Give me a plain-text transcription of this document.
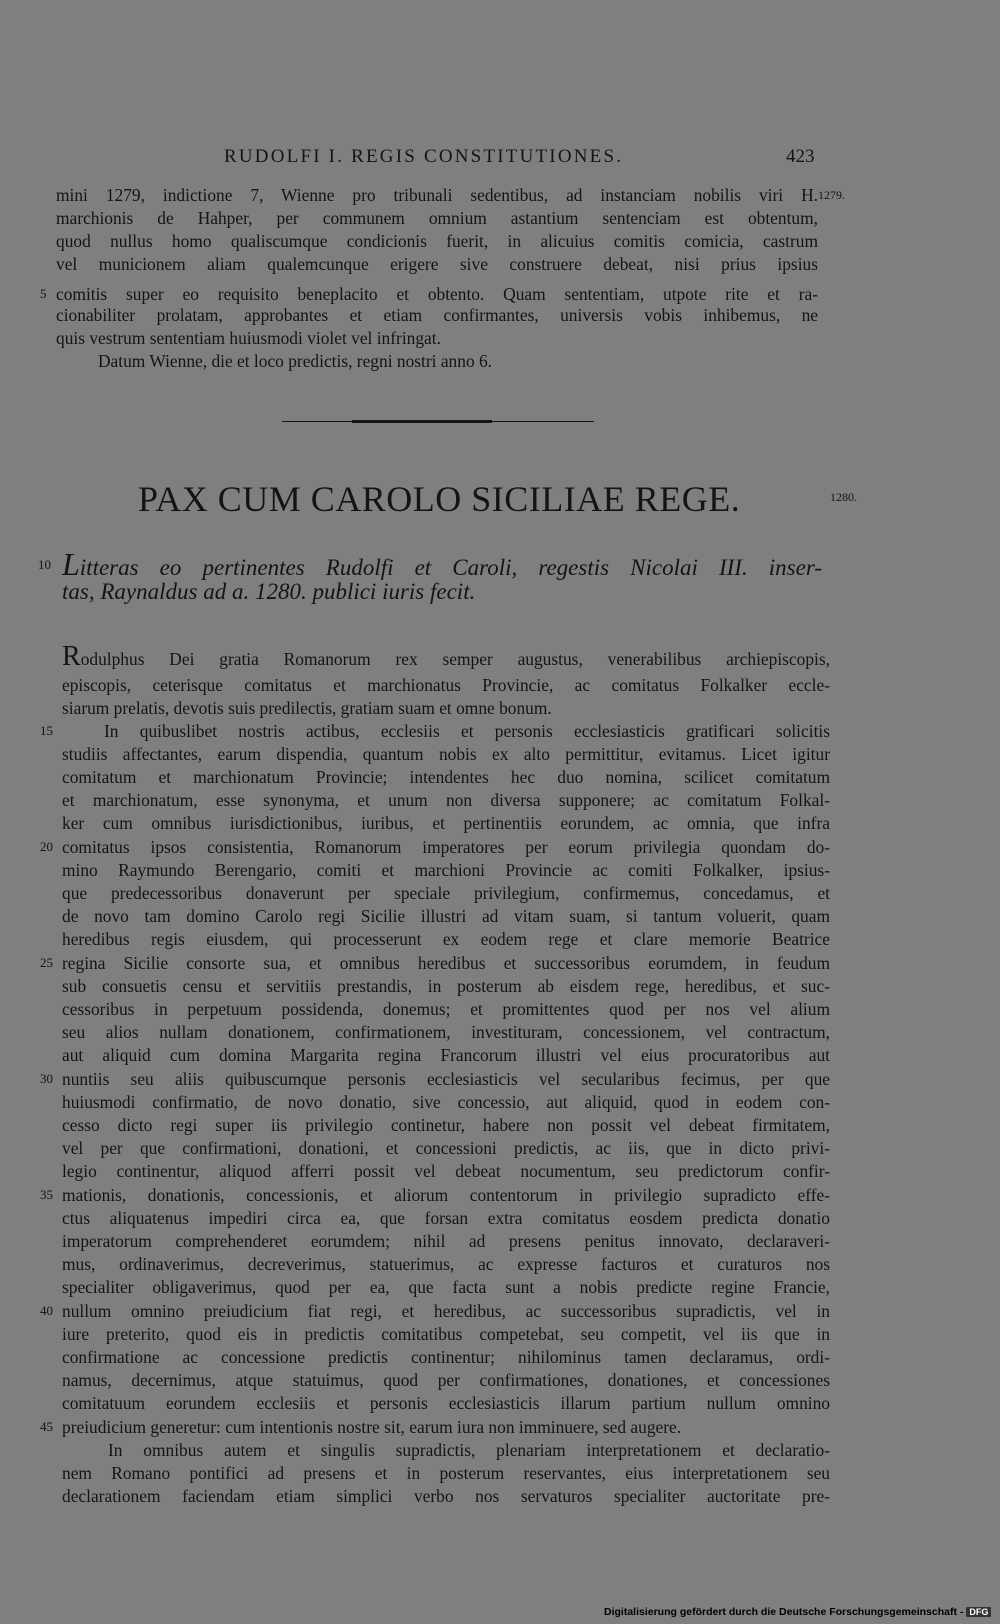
RUDOLFI I. REGIS CONSTITUTIONES.	423
1279.
5
mini 1279, indictione 7, Wienne pro tribunali sedentibus, ad instanciam nobilis viri H.
marchionis de Hahper, per communem omnium astantium sentenciam est obtentum,
quod nullus homo qualiscumque condicionis fuerit, in alicuius comitis comicia, castrum
vel municionem aliam qualemcunque erigere sive construere debeat, nisi prius ipsius
comitis super eo requisito beneplacito et obtento. Quam sententiam, utpote rite et ra-
cionabiliter prolatam, approbantes et etiam confirmantes, universis vobis inhibemus, ne
quis vestrum sententiam huiusmodi violet vel infringat.
Datum Wienne, die et loco predictis, regni nostri anno 6.
PAX CUM CAROLO SICILIAE REGE.	1280.
10 Litteras eo pertinentes Rudolfi et Caroli, regestis Nicolai III. inser-
tas, Raynaldus ad a. 1280. publici iuris fecit.
Rodulphus Dei gratia Romanorum rex semper augustus, venerabilibus archiepiscopis,
15
20
25
30
35
40
45
episcopis, ceterisque comitatus et marchionatus Provincie, ac comitatus Folkalker eccle-
siarum prelatis, devotis suis predilectis, gratiam suam et omne bonum.
In quibuslibet nostris actibus, ecclesiis et personis ecclesiasticis gratificari solicitis
studiis affectantes, earum dispendia, quantum nobis ex alto permittitur, evitamus. Licet igitur
comitatum et marchionatum Provincie; intendentes hec duo nomina, scilicet comitatum
et marchionatum, esse synonyma, et unum non diversa supponere; ac comitatum Folkal-
ker cum omnibus iurisdictionibus, iuribus, et pertinentiis eorundem, ac omnia, que infra
comitatus ipsos consistentia, Romanorum imperatores per eorum privilegia quondam do-
mino Raymundo Berengario, comiti et marchioni Provincie ac comiti Folkalker, ipsius-
que predecessoribus donaverunt per speciale privilegium, confirmemus, concedamus, et
de novo tam domino Carolo regi Sicilie illustri ad vitam suam, si tantum voluerit, quam
heredibus regis eiusdem, qui processerunt ex eodem rege et clare memorie Beatrice
regina Sicilie consorte sua, et omnibus heredibus et successoribus eorumdem, in feudum
sub consuetis censu et servitiis prestandis, in posterum ab eisdem rege, heredibus, et suc-
cessoribus in perpetuum possidenda, donemus; et promittentes quod per nos vel alium
seu alios nullam donationem, confirmationem, investituram, concessionem, vel contractum,
aut aliquid cum domina Margarita regina Francorum illustri vel eius procuratoribus aut
nuntiis seu aliis quibuscumque personis ecclesiasticis vel secularibus fecimus, per que
huiusmodi confirmatio, de novo donatio, sive concessio, aut aliquid, quod in eodem con-
cesso dicto regi super iis privilegio continetur, habere non possit vel debeat firmitatem,
vel per que confirmationi, donationi, et concessioni predictis, ac iis, que in dicto privi-
legio continentur, aliquod afferri possit vel debeat nocumentum, seu predictorum confir-
mationis, donationis, concessionis, et aliorum contentorum in privilegio supradicto effe-
ctus aliquatenus impediri circa ea, que forsan extra comitatus eosdem predicta donatio
imperatorum comprehenderet eorumdem; nihil ad presens penitus innovato, declaraveri-
mus, ordinaverimus, decreverimus, statuerimus, ac expresse facturos et curaturos nos
specialiter obligaverimus, quod per ea, que facta sunt a nobis predicte regine Francie,
nullum omnino preiudicium fiat regi, et heredibus, ac successoribus supradictis, vel in
iure preterito, quod eis in predictis comitatibus competebat, seu competit, vel iis que in
confirmatione ac concessione predictis continentur; nihilominus tamen declaramus, ordi-
namus, decernimus, atque statuimus, quod per confirmationes, donationes, et concessiones
comitatuum eorundem ecclesiis et personis ecclesiasticis illarum partium nullum omnino
preiudicium generetur: cum intentionis nostre sit, earum iura non imminuere, sed augere.
In omnibus autem et singulis supradictis, plenariam interpretationem et declaratio-
nem Romano pontifici ad presens et in posterum reservantes, eius interpretationem seu
declarationem faciendam etiam simplici verbo nos servaturos specialiter auctoritate pre-
Digitalisierung gefördert durch die Deutsche Forschungsgemeinschaft - DFG
